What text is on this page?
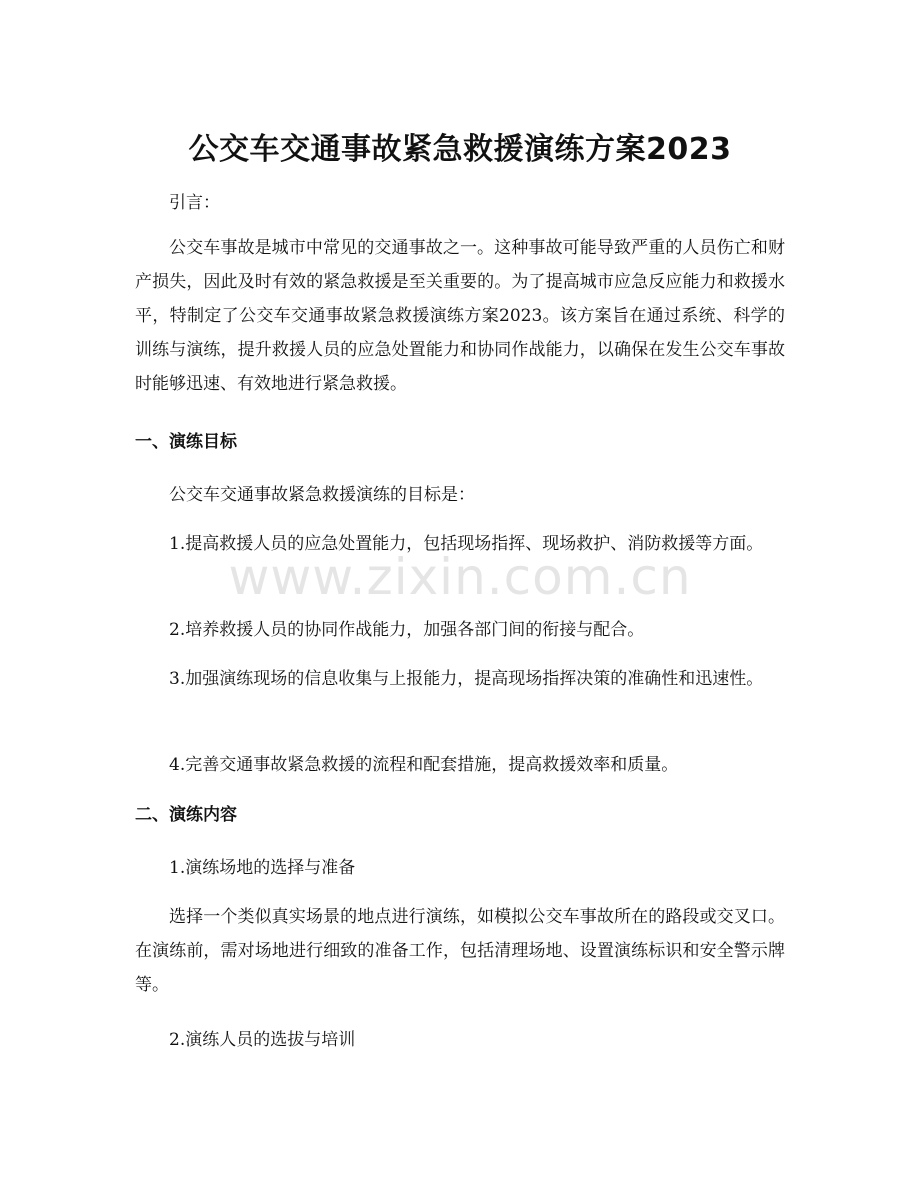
公交车交通事故紧急救援演练方案2023

引言：

公交车事故是城市中常见的交通事故之一。这种事故可能导致严重的人员伤亡和财产损失，因此及时有效的紧急救援是至关重要的。为了提高城市应急反应能力和救援水平，特制定了公交车交通事故紧急救援演练方案2023。该方案旨在通过系统、科学的训练与演练，提升救援人员的应急处置能力和协同作战能力，以确保在发生公交车事故时能够迅速、有效地进行紧急救援。

一、演练目标

公交车交通事故紧急救援演练的目标是：

1.提高救援人员的应急处置能力，包括现场指挥、现场救护、消防救援等方面。

2.培养救援人员的协同作战能力，加强各部门间的衔接与配合。

3.加强演练现场的信息收集与上报能力，提高现场指挥决策的准确性和迅速性。

4.完善交通事故紧急救援的流程和配套措施，提高救援效率和质量。

二、演练内容

1.演练场地的选择与准备

选择一个类似真实场景的地点进行演练，如模拟公交车事故所在的路段或交叉口。在演练前，需对场地进行细致的准备工作，包括清理场地、设置演练标识和安全警示牌等。

2.演练人员的选拔与培训

www.zixin.com.cn
